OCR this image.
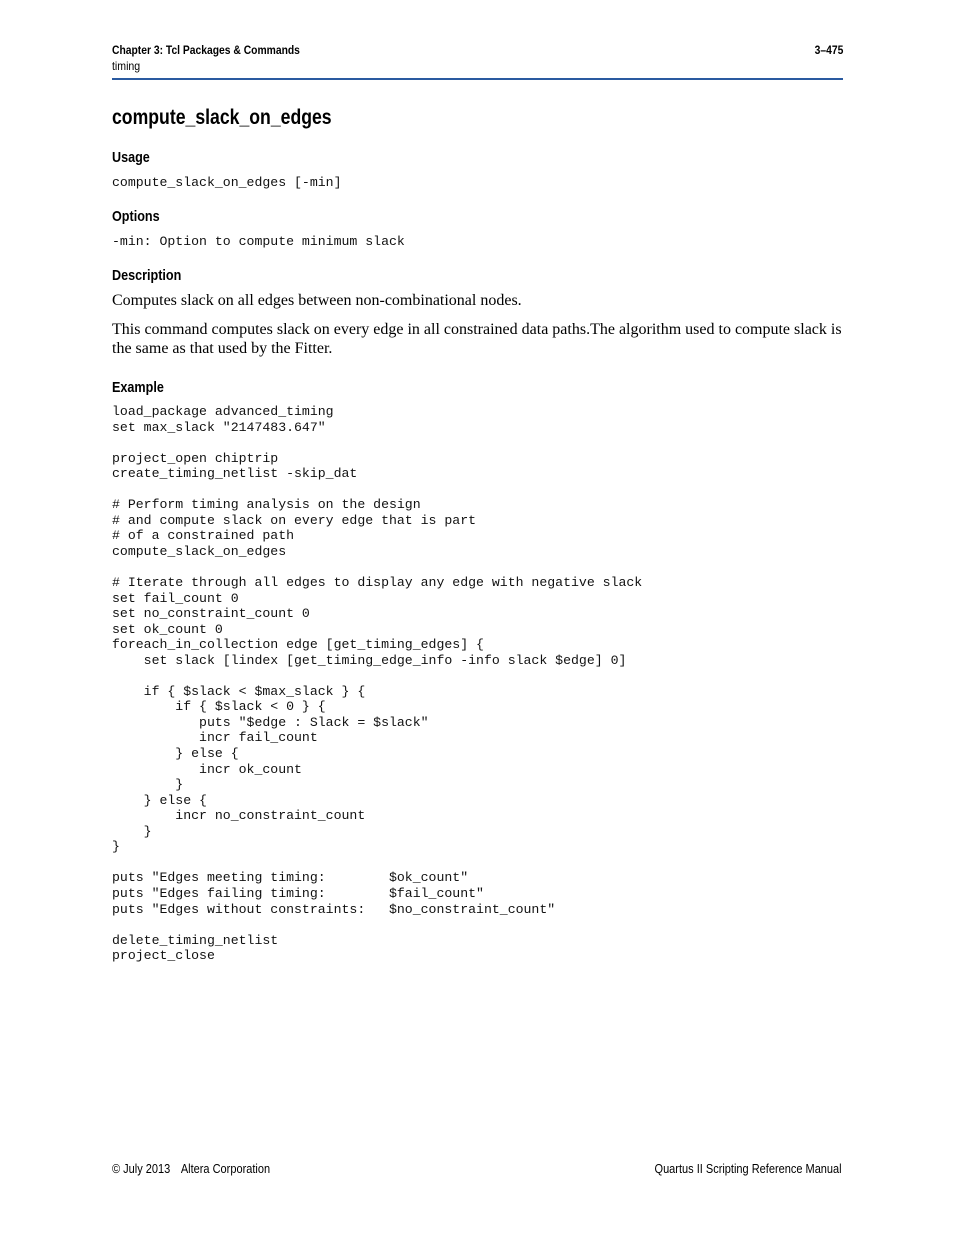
Chapter 3: Tcl Packages & Commands
timing
3–475
compute_slack_on_edges
Usage
compute_slack_on_edges [-min]
Options
-min: Option to compute minimum slack
Description

Computes slack on all edges between non-combinational nodes.

This command computes slack on every edge in all constrained data paths.The algorithm used to compute slack is the same as that used by the Fitter.

Example
load_package advanced_timing
set max_slack "2147483.647"

project_open chiptrip
create_timing_netlist -skip_dat

# Perform timing analysis on the design
# and compute slack on every edge that is part
# of a constrained path
compute_slack_on_edges

# Iterate through all edges to display any edge with negative slack
set fail_count 0
set no_constraint_count 0
set ok_count 0
foreach_in_collection edge [get_timing_edges] {
set slack [lindex [get_timing_edge_info -info slack $edge] 0]

if { $slack < $max_slack } {
if { $slack < 0 } {
puts "$edge : Slack = $slack"
incr fail_count
} else {
incr ok_count
}
} else {
incr no_constraint_count
}
}

puts "Edges meeting timing:        $ok_count"
puts "Edges failing timing:        $fail_count"
puts "Edges without constraints:   $no_constraint_count"

delete_timing_netlist
project_close
© July 2013 Altera Corporation	Quartus II Scripting Reference Manual
